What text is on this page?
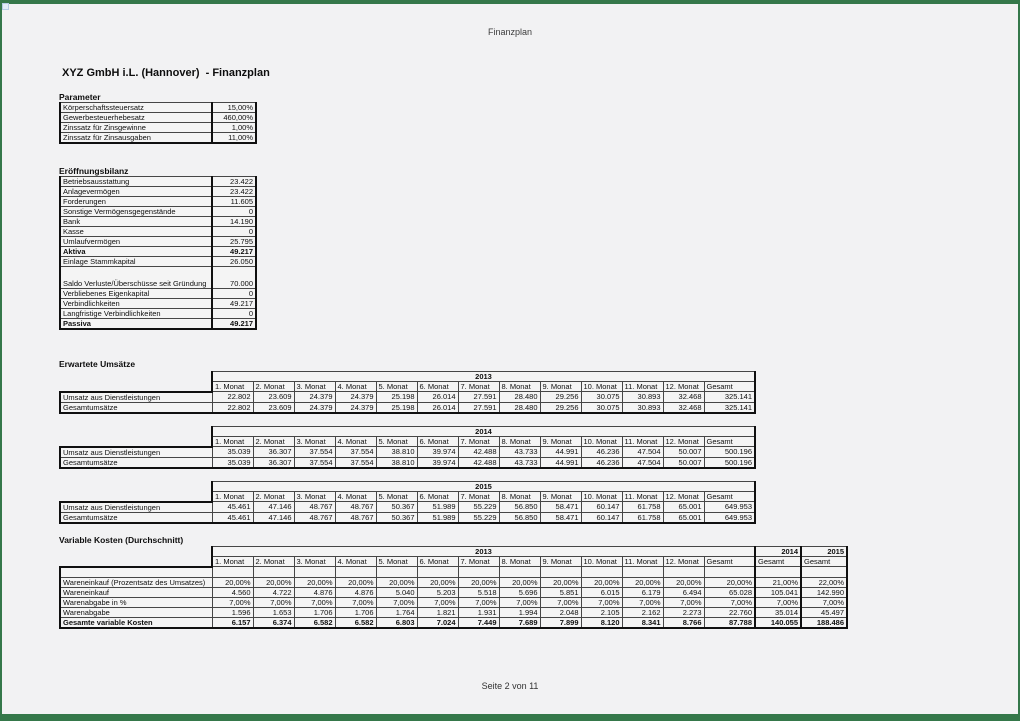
Finanzplan
XYZ GmbH i.L. (Hannover)  - Finanzplan
Seite 2 von 11
Parameter
Eröffnungsbilanz
Erwartete Umsätze
Variable Kosten (Durchschnitt)
Körperschaftssteuersatz	15,00%
Gewerbesteuerhebesatz	460,00%
Zinssatz für Zinsgewinne	1,00%
Zinssatz für Zinsausgaben	11,00%
Betriebsausstattung	23.422
Anlagevermögen	23.422
Forderungen	11.605
Sonstige Vermögensgegenstände	0
Bank	14.190
Kasse	0
Umlaufvermögen	25.795
Aktiva	49.217
Einlage Stammkapital	26.050
Saldo Verluste/Überschüsse seit Gründung	70.000
Verbliebenes Eigenkapital	0
Verbindlichkeiten	49.217
Langfristige Verbindlichkeiten	0
Passiva	49.217
	2013												
	1. Monat	2. Monat	3. Monat	4. Monat	5. Monat	6. Monat	7. Monat	8. Monat	9. Monat	10. Monat	11. Monat	12. Monat	Gesamt
Umsatz aus Dienstleistungen	22.802	23.609	24.379	24.379	25.198	26.014	27.591	28.480	29.256	30.075	30.893	32.468	325.141
Gesamtumsätze	22.802	23.609	24.379	24.379	25.198	26.014	27.591	28.480	29.256	30.075	30.893	32.468	325.141
	2014												
	1. Monat	2. Monat	3. Monat	4. Monat	5. Monat	6. Monat	7. Monat	8. Monat	9. Monat	10. Monat	11. Monat	12. Monat	Gesamt
Umsatz aus Dienstleistungen	35.039	36.307	37.554	37.554	38.810	39.974	42.488	43.733	44.991	46.236	47.504	50.007	500.196
Gesamtumsätze	35.039	36.307	37.554	37.554	38.810	39.974	42.488	43.733	44.991	46.236	47.504	50.007	500.196
	2015												
	1. Monat	2. Monat	3. Monat	4. Monat	5. Monat	6. Monat	7. Monat	8. Monat	9. Monat	10. Monat	11. Monat	12. Monat	Gesamt
Umsatz aus Dienstleistungen	45.461	47.146	48.767	48.767	50.367	51.989	55.229	56.850	58.471	60.147	61.758	65.001	649.953
Gesamtumsätze	45.461	47.146	48.767	48.767	50.367	51.989	55.229	56.850	58.471	60.147	61.758	65.001	649.953
	2013													2014	2015
	1. Monat	2. Monat	3. Monat	4. Monat	5. Monat	6. Monat	7. Monat	8. Monat	9. Monat	10. Monat	11. Monat	12. Monat	Gesamt	Gesamt	Gesamt

Wareneinkauf (Prozentsatz des Umsatzes)	20,00%	20,00%	20,00%	20,00%	20,00%	20,00%	20,00%	20,00%	20,00%	20,00%	20,00%	20,00%	20,00%	21,00%	22,00%
Wareneinkauf	4.560	4.722	4.876	4.876	5.040	5.203	5.518	5.696	5.851	6.015	6.179	6.494	65.028	105.041	142.990
Warenabgabe in %	7,00%	7,00%	7,00%	7,00%	7,00%	7,00%	7,00%	7,00%	7,00%	7,00%	7,00%	7,00%	7,00%	7,00%	7,00%
Warenabgabe	1.596	1.653	1.706	1.706	1.764	1.821	1.931	1.994	2.048	2.105	2.162	2.273	22.760	35.014	45.497
Gesamte variable Kosten	6.157	6.374	6.582	6.582	6.803	7.024	7.449	7.689	7.899	8.120	8.341	8.766	87.788	140.055	188.486
